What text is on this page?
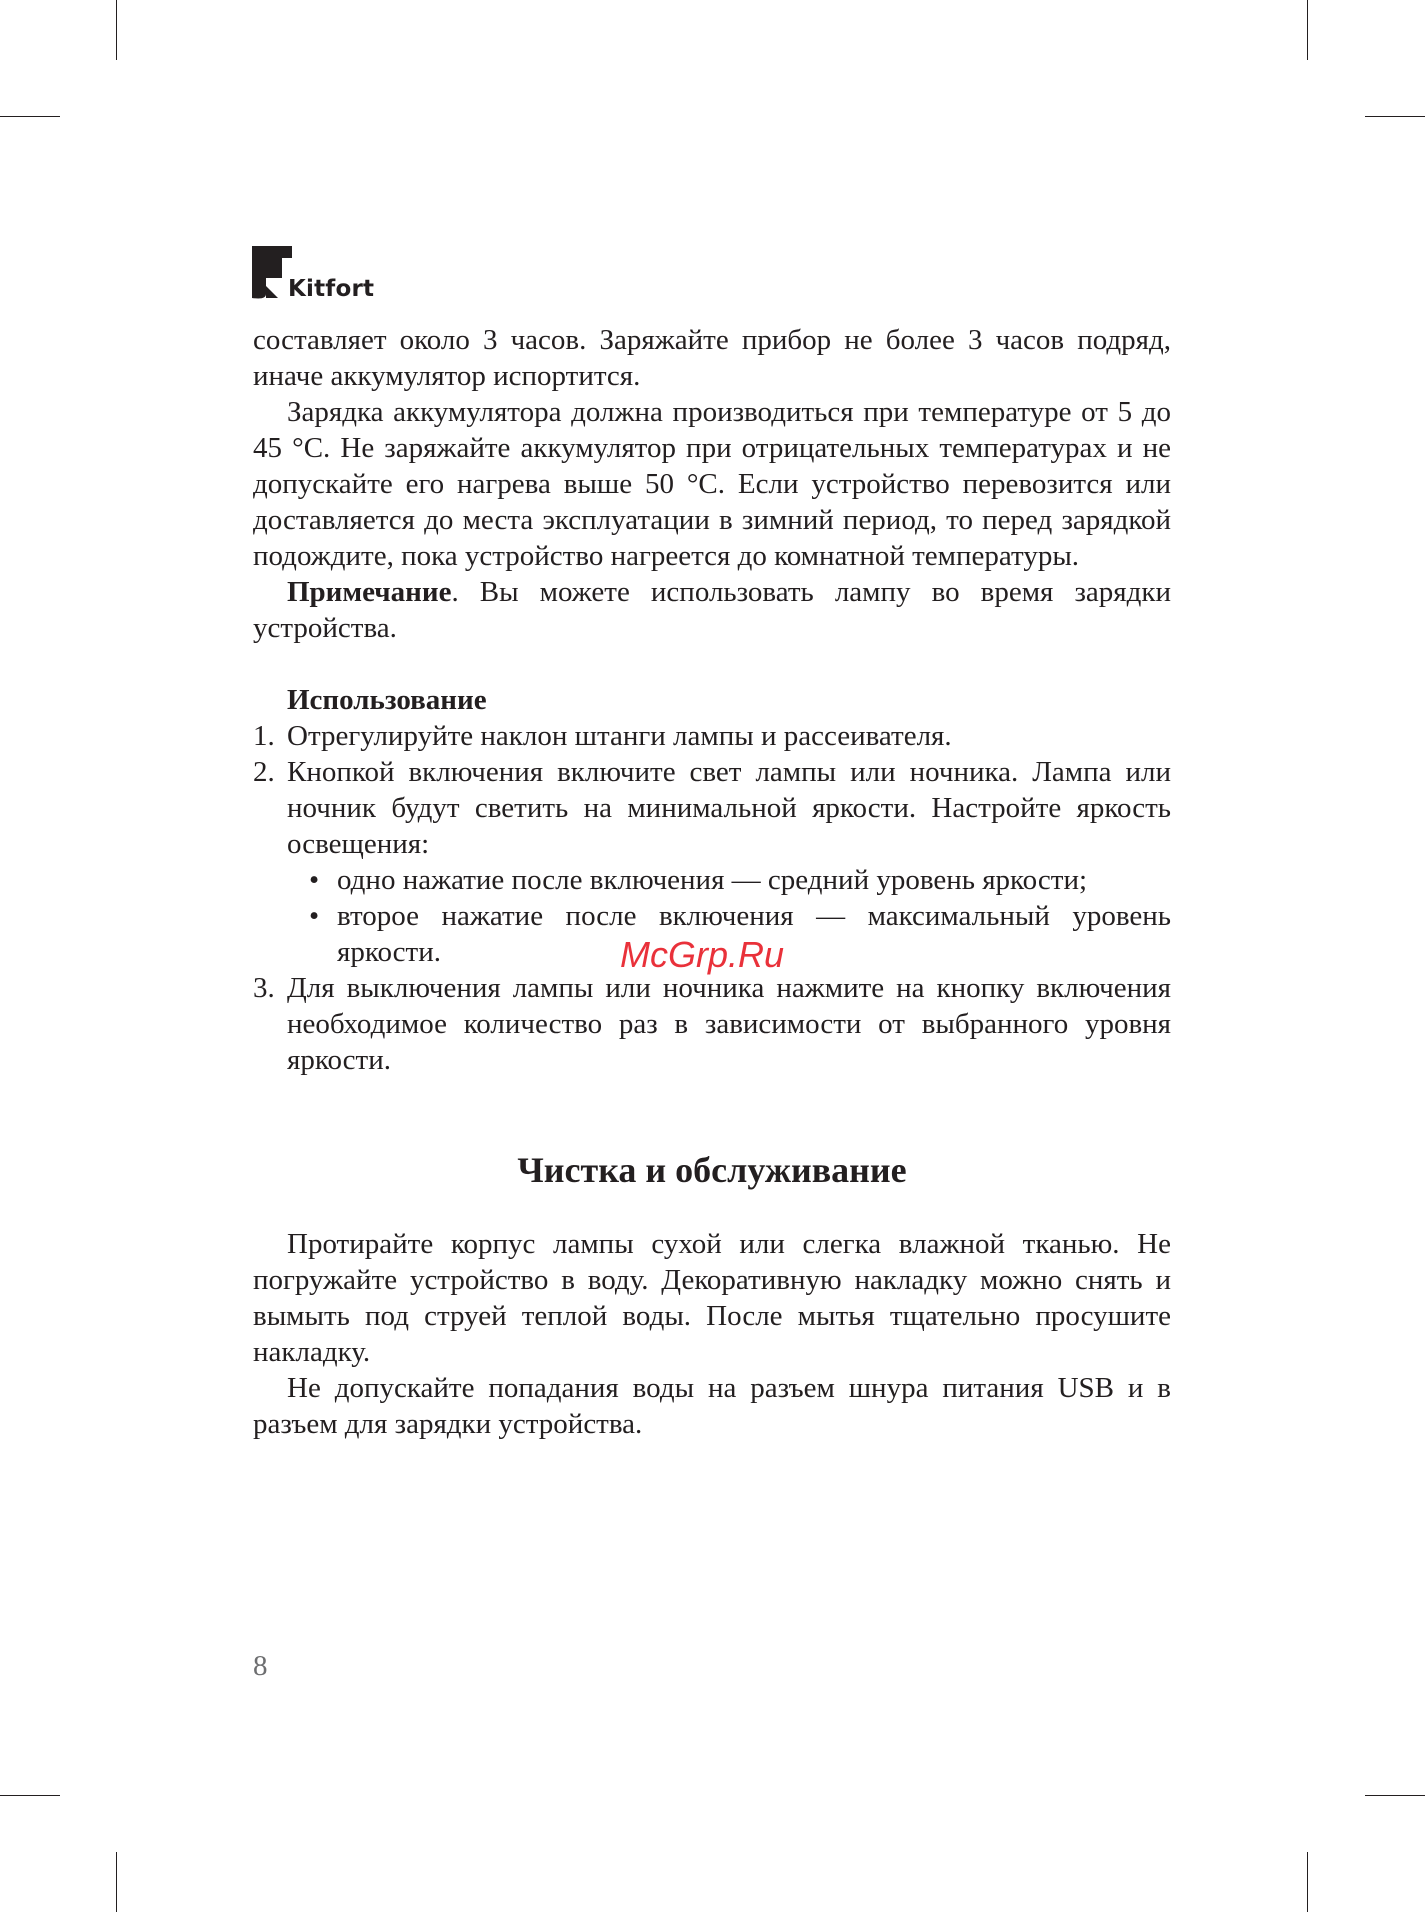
Kitfort

составляет около 3 часов. Заряжайте прибор не более 3 часов подряд, иначе аккумулятор испортится.

Зарядка аккумулятора должна производиться при температуре от 5 до 45 °С. Не заряжайте аккумулятор при отрицательных температурах и не допускайте его нагрева выше 50 °С. Если устройство перевозится или доставляется до места эксплуатации в зимний период, то перед зарядкой подождите, пока устройство нагреется до комнатной температуры.

Примечание. Вы можете использовать лампу во время зарядки устройства.

Использование
1. Отрегулируйте наклон штанги лампы и рассеивателя.
2. Кнопкой включения включите свет лампы или ночника. Лампа или ночник будут светить на минимальной яркости. Настройте яркость освещения:
• одно нажатие после включения — средний уровень яркости;
• второе нажатие после включения — максимальный уровень яркости.
3. Для выключения лампы или ночника нажмите на кнопку включения необходимое количество раз в зависимости от выбранного уровня яркости.
Чистка и обслуживание

Протирайте корпус лампы сухой или слегка влажной тканью. Не погружайте устройство в воду. Декоративную накладку можно снять и вымыть под струей теплой воды. После мытья тщательно просушите накладку.

Не допускайте попадания воды на разъем шнура питания USB и в разъем для зарядки устройства.

McGrp.Ru
8
